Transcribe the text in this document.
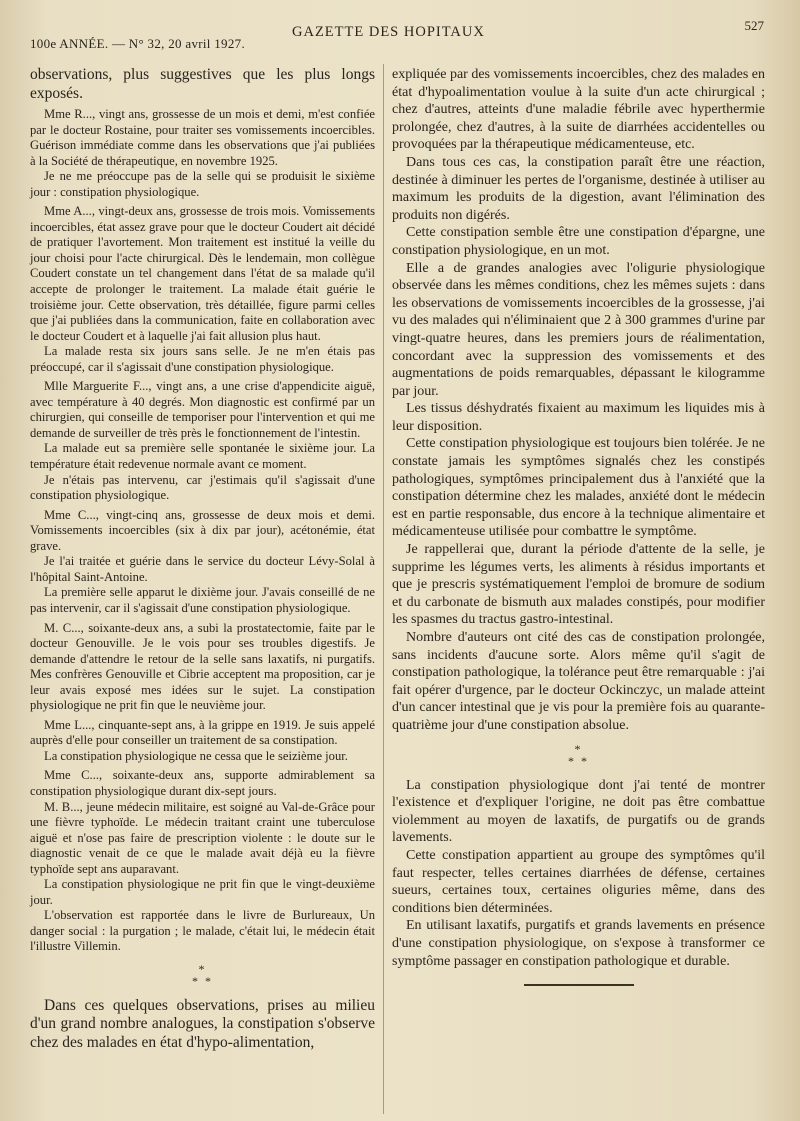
100e ANNÉE. — N° 32, 20 avril 1927.
GAZETTE DES HOPITAUX	527

observations, plus suggestives que les plus longs exposés.

Mme R..., vingt ans, grossesse de un mois et demi, m'est confiée par le docteur Rostaine, pour traiter ses vomissements incoercibles. Guérison immédiate comme dans les observations que j'ai publiées à la Société de thérapeutique, en novembre 1925.

Je ne me préoccupe pas de la selle qui se produisit le sixième jour : constipation physiologique.

Mme A..., vingt-deux ans, grossesse de trois mois. Vomissements incoercibles, état assez grave pour que le docteur Coudert ait décidé de pratiquer l'avortement. Mon traitement est institué la veille du jour choisi pour l'acte chirurgical. Dès le lendemain, mon collègue Coudert constate un tel changement dans l'état de sa malade qu'il accepte de prolonger le traitement. La malade était guérie le troisième jour. Cette observation, très détaillée, figure parmi celles que j'ai publiées dans la communication, faite en collaboration avec le docteur Coudert et à laquelle j'ai fait allusion plus haut.

La malade resta six jours sans selle. Je ne m'en étais pas préoccupé, car il s'agissait d'une constipation physiologique.

Mlle Marguerite F..., vingt ans, a une crise d'appendicite aiguë, avec température à 40 degrés. Mon diagnostic est confirmé par un chirurgien, qui conseille de temporiser pour l'intervention et qui me demande de surveiller de très près le fonctionnement de l'intestin.

La malade eut sa première selle spontanée le sixième jour. La température était redevenue normale avant ce moment.

Je n'étais pas intervenu, car j'estimais qu'il s'agissait d'une constipation physiologique.

Mme C..., vingt-cinq ans, grossesse de deux mois et demi. Vomissements incoercibles (six à dix par jour), acétonémie, état grave.

Je l'ai traitée et guérie dans le service du docteur Lévy-Solal à l'hôpital Saint-Antoine.

La première selle apparut le dixième jour. J'avais conseillé de ne pas intervenir, car il s'agissait d'une constipation physiologique.

M. C..., soixante-deux ans, a subi la prostatectomie, faite par le docteur Genouville. Je le vois pour ses troubles digestifs. Je demande d'attendre le retour de la selle sans laxatifs, ni purgatifs. Mes confrères Genouville et Cibrie acceptent ma proposition, car je leur avais exposé mes idées sur le sujet. La constipation physiologique ne prit fin que le neuvième jour.

Mme L..., cinquante-sept ans, à la grippe en 1919. Je suis appelé auprès d'elle pour conseiller un traitement de sa constipation.

La constipation physiologique ne cessa que le seizième jour.

Mme C..., soixante-deux ans, supporte admirablement sa constipation physiologique durant dix-sept jours.

M. B..., jeune médecin militaire, est soigné au Val-de-Grâce pour une fièvre typhoïde. Le médecin traitant craint une tuberculose aiguë et n'ose pas faire de prescription violente : le doute sur le diagnostic venait de ce que le malade avait déjà eu la fièvre typhoïde sept ans auparavant.

La constipation physiologique ne prit fin que le vingt-deuxième jour.

L'observation est rapportée dans le livre de Burlureaux, Un danger social : la purgation ; le malade, c'était lui, le médecin était l'illustre Villemin.

*
* *

Dans ces quelques observations, prises au milieu d'un grand nombre analogues, la constipation s'observe chez des malades en état d'hypo-alimentation,

expliquée par des vomissements incoercibles, chez des malades en état d'hypoalimentation voulue à la suite d'un acte chirurgical ; chez d'autres, atteints d'une maladie fébrile avec hyperthermie prolongée, chez d'autres, à la suite de diarrhées accidentelles ou provoquées par la thérapeutique médicamenteuse, etc.

Dans tous ces cas, la constipation paraît être une réaction, destinée à diminuer les pertes de l'organisme, destinée à utiliser au maximum les produits de la digestion, avant l'élimination des produits non digérés.

Cette constipation semble être une constipation d'épargne, une constipation physiologique, en un mot.

Elle a de grandes analogies avec l'oligurie physiologique observée dans les mêmes conditions, chez les mêmes sujets : dans les observations de vomissements incoercibles de la grossesse, j'ai vu des malades qui n'éliminaient que 2 à 300 grammes d'urine par vingt-quatre heures, dans les premiers jours de réalimentation, concordant avec la suppression des vomissements et des augmentations de poids remarquables, dépassant le kilogramme par jour.

Les tissus déshydratés fixaient au maximum les liquides mis à leur disposition.

Cette constipation physiologique est toujours bien tolérée. Je ne constate jamais les symptômes signalés chez les constipés pathologiques, symptômes principalement dus à l'anxiété que la constipation détermine chez les malades, anxiété dont le médecin est en partie responsable, dus encore à la technique alimentaire et médicamenteuse utilisée pour combattre le symptôme.

Je rappellerai que, durant la période d'attente de la selle, je supprime les légumes verts, les aliments à résidus importants et que je prescris systématiquement l'emploi de bromure de sodium et du carbonate de bismuth aux malades constipés, pour modifier les spasmes du tractus gastro-intestinal.

Nombre d'auteurs ont cité des cas de constipation prolongée, sans incidents d'aucune sorte. Alors même qu'il s'agit de constipation pathologique, la tolérance peut être remarquable : j'ai fait opérer d'urgence, par le docteur Ockinczyc, un malade atteint d'un cancer intestinal que je vis pour la première fois au quarante-quatrième jour d'une constipation absolue.

*
* *

La constipation physiologique dont j'ai tenté de montrer l'existence et d'expliquer l'origine, ne doit pas être combattue violemment au moyen de laxatifs, de purgatifs ou de grands lavements.

Cette constipation appartient au groupe des symptômes qu'il faut respecter, telles certaines diarrhées de défense, certaines sueurs, certaines toux, certaines oliguries même, dans des conditions bien déterminées.

En utilisant laxatifs, purgatifs et grands lavements en présence d'une constipation physiologique, on s'expose à transformer ce symptôme passager en constipation pathologique et durable.
